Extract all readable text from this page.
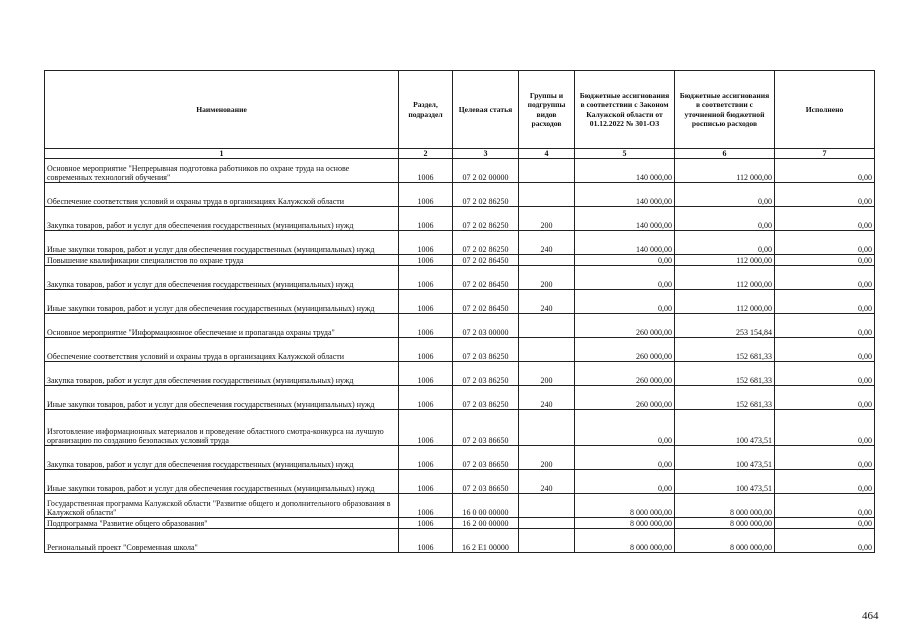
Наименование	Раздел, подраздел	Целевая статья	Группы и подгруппы видов расходов	Бюджетные ассигнования в соответствии с Законом Калужской области от 01.12.2022 № 301-ОЗ	Бюджетные ассигнования в соответствии с уточненной бюджетной росписью расходов	Исполнено
1	2	3	4	5	6	7
Основное мероприятие "Непрерывная подготовка работников по охране труда на основе современных технологий обучения"	1006	07 2 02 00000		140 000,00	112 000,00	0,00
Обеспечение соответствия условий и охраны труда в организациях Калужской области	1006	07 2 02 86250		140 000,00	0,00	0,00
Закупка товаров, работ и услуг для обеспечения государственных (муниципальных) нужд	1006	07 2 02 86250	200	140 000,00	0,00	0,00
Иные закупки товаров, работ и услуг для обеспечения государственных (муниципальных) нужд	1006	07 2 02 86250	240	140 000,00	0,00	0,00
Повышение квалификации специалистов по охране труда	1006	07 2 02 86450		0,00	112 000,00	0,00
Закупка товаров, работ и услуг для обеспечения государственных (муниципальных) нужд	1006	07 2 02 86450	200	0,00	112 000,00	0,00
Иные закупки товаров, работ и услуг для обеспечения государственных (муниципальных) нужд	1006	07 2 02 86450	240	0,00	112 000,00	0,00
Основное мероприятие "Информационное обеспечение и пропаганда охраны труда"	1006	07 2 03 00000		260 000,00	253 154,84	0,00
Обеспечение соответствия условий и охраны труда в организациях Калужской области	1006	07 2 03 86250		260 000,00	152 681,33	0,00
Закупка товаров, работ и услуг для обеспечения государственных (муниципальных) нужд	1006	07 2 03 86250	200	260 000,00	152 681,33	0,00
Иные закупки товаров, работ и услуг для обеспечения государственных (муниципальных) нужд	1006	07 2 03 86250	240	260 000,00	152 681,33	0,00
Изготовление информационных материалов и проведение областного смотра-конкурса на лучшую организацию по созданию безопасных условий труда	1006	07 2 03 86650		0,00	100 473,51	0,00
Закупка товаров, работ и услуг для обеспечения государственных (муниципальных) нужд	1006	07 2 03 86650	200	0,00	100 473,51	0,00
Иные закупки товаров, работ и услуг для обеспечения государственных (муниципальных) нужд	1006	07 2 03 86650	240	0,00	100 473,51	0,00
Государственная программа Калужской области "Развитие общего и дополнительного образования в Калужской области"	1006	16 0 00 00000		8 000 000,00	8 000 000,00	0,00
Подпрограмма "Развитие общего образования"	1006	16 2 00 00000		8 000 000,00	8 000 000,00	0,00
Региональный проект "Современная школа"	1006	16 2 Е1 00000		8 000 000,00	8 000 000,00	0,00
464
